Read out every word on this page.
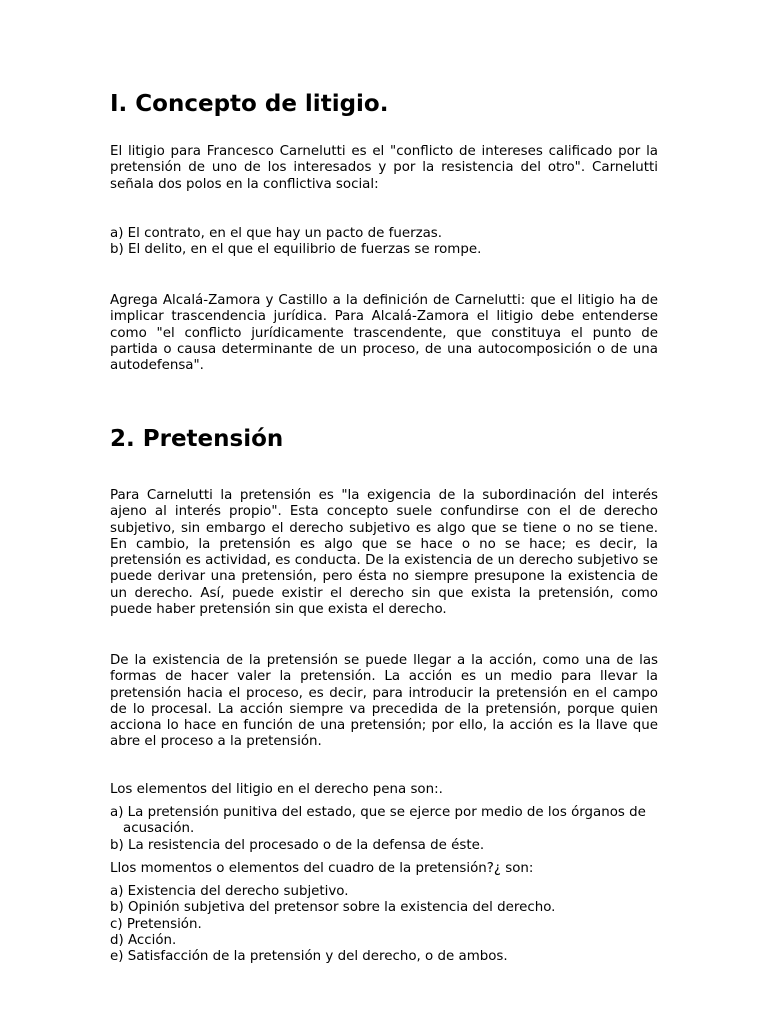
I. Concepto de litigio.

El litigio para Francesco Carnelutti es el "conflicto de intereses calificado por la pretensión de uno de los interesados y por la resistencia del otro". Carnelutti señala dos polos en la conflictiva social:

a) El contrato, en el que hay un pacto de fuerzas.
b) El delito, en el que el equilibrio de fuerzas se rompe.

Agrega Alcalá-Zamora y Castillo a la definición de Carnelutti: que el litigio ha de implicar trascendencia jurídica. Para Alcalá-Zamora el litigio debe entenderse como "el conflicto jurídicamente trascendente, que constituya el punto de partida o causa determinante de un proceso, de una autocomposición o de una autodefensa".

2. Pretensión

Para Carnelutti la pretensión es "la exigencia de la subordinación del interés ajeno al interés propio". Esta concepto suele confundirse con el de derecho subjetivo, sin embargo el derecho subjetivo es algo que se tiene o no se tiene. En cambio, la pretensión es algo que se hace o no se hace; es decir, la pretensión es actividad, es conducta. De la existencia de un derecho subjetivo se puede derivar una pretensión, pero ésta no siempre presupone la existencia de un derecho. Así, puede existir el derecho sin que exista la pretensión, como puede haber pretensión sin que exista el derecho.

De la existencia de la pretensión se puede llegar a la acción, como una de las formas de hacer valer la pretensión. La acción es un medio para llevar la pretensión hacia el proceso, es decir, para introducir la pretensión en el campo de lo procesal. La acción siempre va precedida de la pretensión, porque quien acciona lo hace en función de una pretensión; por ello, la acción es la llave que abre el proceso a la pretensión.

Los elementos del litigio en el derecho pena son:.

a) La pretensión punitiva del estado, que se ejerce por medio de los órganos de acusación.
b) La resistencia del procesado o de la defensa de éste.

Llos momentos o elementos del cuadro de la pretensión?¿ son:

a) Existencia del derecho subjetivo.
b) Opinión subjetiva del pretensor sobre la existencia del derecho.
c) Pretensión.
d) Acción.
e) Satisfacción de la pretensión y del derecho, o de ambos.
